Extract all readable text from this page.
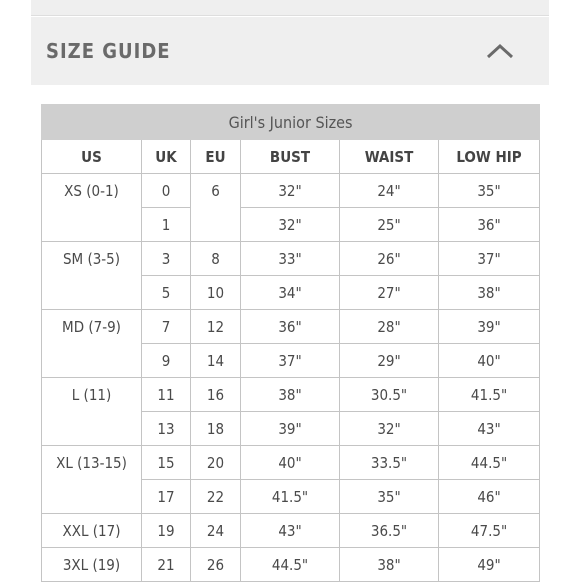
SIZE GUIDE
Girl's Junior Sizes					
US	UK	EU	BUST	WAIST	LOW HIP
XS (0-1)	0	6	32"	24"	35"
	1		32"	25"	36"
SM (3-5)	3	8	33"	26"	37"
	5	10	34"	27"	38"
MD (7-9)	7	12	36"	28"	39"
	9	14	37"	29"	40"
L (11)	11	16	38"	30.5"	41.5"
	13	18	39"	32"	43"
XL (13-15)	15	20	40"	33.5"	44.5"
	17	22	41.5"	35"	46"
XXL (17)	19	24	43"	36.5"	47.5"
3XL (19)	21	26	44.5"	38"	49"
